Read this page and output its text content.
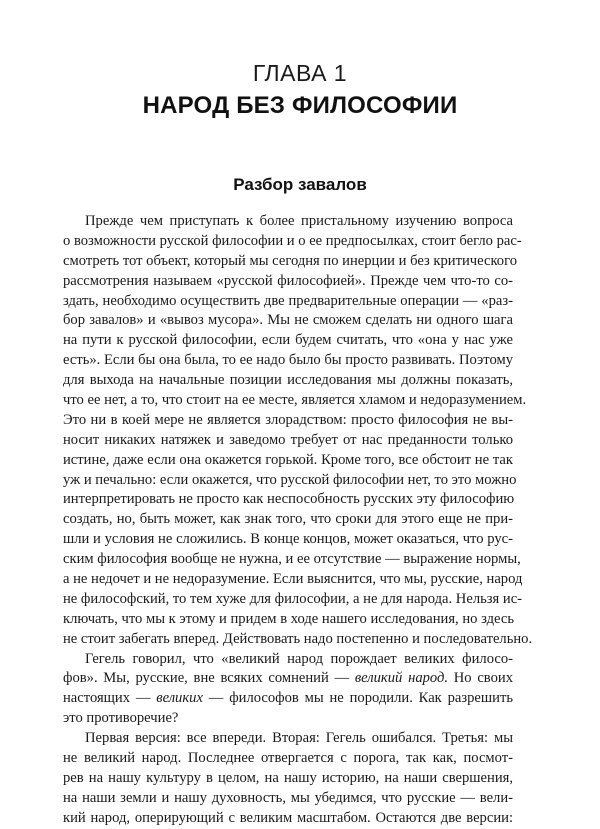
ГЛАВА 1
НАРОД БЕЗ ФИЛОСОФИИ
Разбор завалов
Прежде чем приступать к более пристальному изучению вопроса
о возможности русской философии и о ее предпосылках, стоит бегло рас-
смотреть тот объект, который мы сегодня по инерции и без критического
рассмотрения называем «русской философией». Прежде чем что-то со-
здать, необходимо осуществить две предварительные операции — «раз-
бор завалов» и «вывоз мусора». Мы не сможем сделать ни одного шага
на пути к русской философии, если будем считать, что «она у нас уже
есть». Если бы она была, то ее надо было бы просто развивать. Поэтому
для выхода на начальные позиции исследования мы должны показать,
что ее нет, а то, что стоит на ее месте, является хламом и недоразумением.
Это ни в коей мере не является злорадством: просто философия не вы-
носит никаких натяжек и заведомо требует от нас преданности только
истине, даже если она окажется горькой. Кроме того, все обстоит не так
уж и печально: если окажется, что русской философии нет, то это можно
интерпретировать не просто как неспособность русских эту философию
создать, но, быть может, как знак того, что сроки для этого еще не при-
шли и условия не сложились. В конце концов, может оказаться, что рус-
ским философия вообще не нужна, и ее отсутствие — выражение нормы,
а не недочет и не недоразумение. Если выяснится, что мы, русские, народ
не философский, то тем хуже для философии, а не для народа. Нельзя ис-
ключать, что мы к этому и придем в ходе нашего исследования, но здесь
не стоит забегать вперед. Действовать надо постепенно и последовательно.
Гегель говорил, что «великий народ порождает великих филосо-
фов». Мы, русские, вне всяких сомнений — великий народ. Но своих
настоящих — великих — философов мы не породили. Как разрешить
это противоречие?
Первая версия: все впереди. Вторая: Гегель ошибался. Третья: мы
не великий народ. Последнее отвергается с порога, так как, посмот-
рев на нашу культуру в целом, на нашу историю, на наши свершения,
на наши земли и нашу духовность, мы убедимся, что русские — вели-
кий народ, оперирующий с великим масштабом. Остаются две версии:
